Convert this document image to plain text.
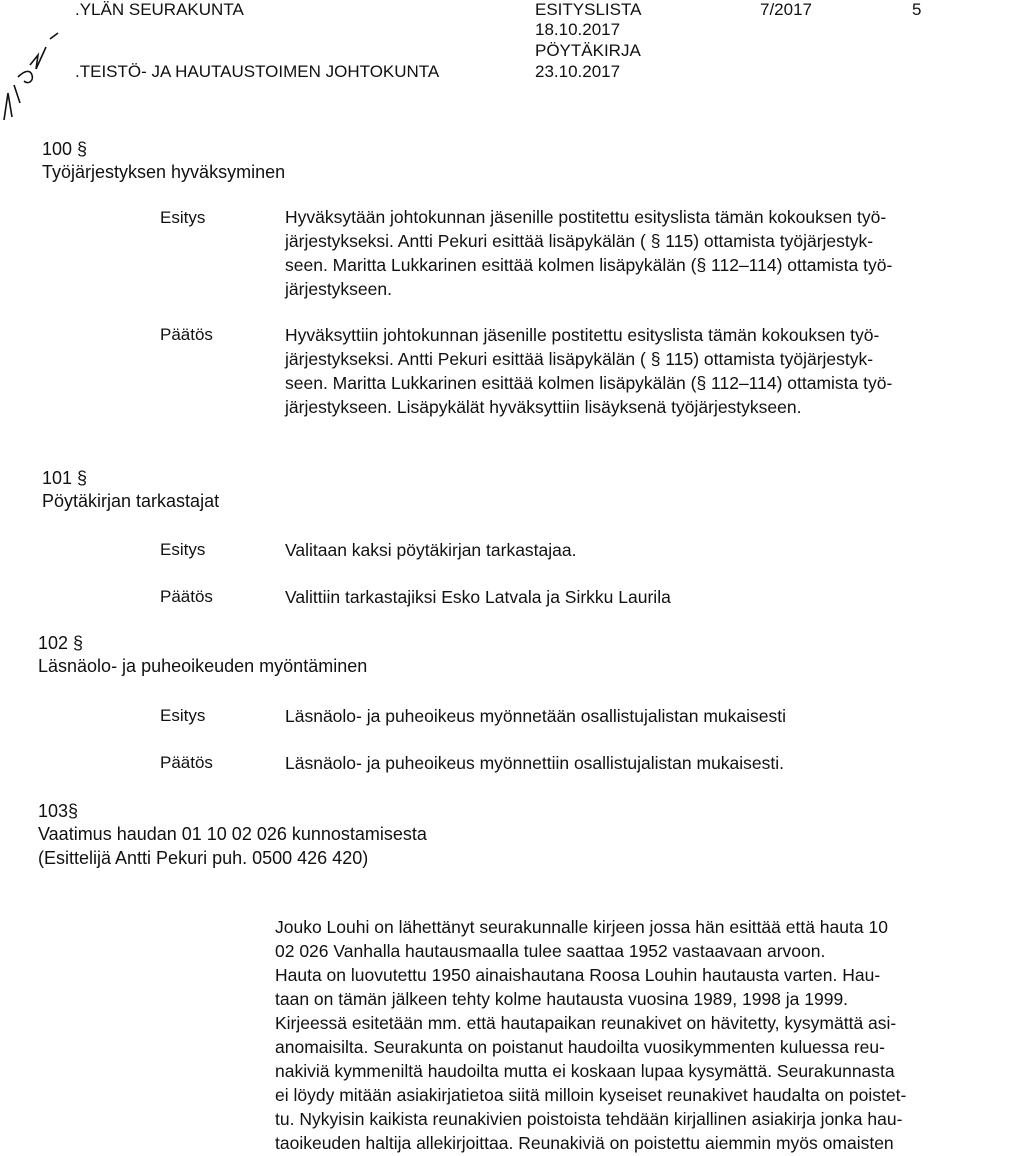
.YLÄN SEURAKUNTA	ESITYSLISTA	7/2017	5
18.10.2017
PÖYTÄKIRJA
.TEISTÖ- JA HAUTAUSTOIMEN JOHTOKUNTA	23.10.2017
100 §
Työjärjestyksen hyväksyminen
Esitys	Hyväksytään johtokunnan jäsenille postitettu esityslista tämän kokouksen työ-
järjestykseksi. Antti Pekuri esittää lisäpykälän ( § 115) ottamista työjärjestyk-
seen. Maritta Lukkarinen esittää kolmen lisäpykälän (§ 112–114) ottamista työ-
järjestykseen.
Päätös	Hyväksyttiin johtokunnan jäsenille postitettu esityslista tämän kokouksen työ-
järjestykseksi. Antti Pekuri esittää lisäpykälän ( § 115) ottamista työjärjestyk-
seen. Maritta Lukkarinen esittää kolmen lisäpykälän (§ 112–114) ottamista työ-
järjestykseen. Lisäpykälät hyväksyttiin lisäyksenä työjärjestykseen.
101 §
Pöytäkirjan tarkastajat
Esitys	Valitaan kaksi pöytäkirjan tarkastajaa.
Päätös	Valittiin tarkastajiksi Esko Latvala ja Sirkku Laurila
102 §
Läsnäolo- ja puheoikeuden myöntäminen
Esitys	Läsnäolo- ja puheoikeus myönnetään osallistujalistan mukaisesti
Päätös	Läsnäolo- ja puheoikeus myönnettiin osallistujalistan mukaisesti.
103§
Vaatimus haudan 01 10 02 026 kunnostamisesta
(Esittelijä Antti Pekuri puh. 0500 426 420)
Jouko Louhi on lähettänyt seurakunnalle kirjeen jossa hän esittää että hauta 10
02 026 Vanhalla hautausmaalla tulee saattaa 1952 vastaavaan arvoon.
Hauta on luovutettu 1950 ainaishautana Roosa Louhin hautausta varten. Hau-
taan on tämän jälkeen tehty kolme hautausta vuosina 1989, 1998 ja 1999.
Kirjeessä esitetään mm. että hautapaikan reunakivet on hävitetty, kysymättä asi-
anomaisilta. Seurakunta on poistanut haudoilta vuosikymmenten kuluessa reu-
nakiviä kymmeniltä haudoilta mutta ei koskaan lupaa kysymättä. Seurakunnasta
ei löydy mitään asiakirjatietoa siitä milloin kyseiset reunakivet haudalta on poistet-
tu. Nykyisin kaikista reunakivien poistoista tehdään kirjallinen asiakirja jonka hau-
taoikeuden haltija allekirjoittaa. Reunakiviä on poistettu aiemmin myös omaisten
